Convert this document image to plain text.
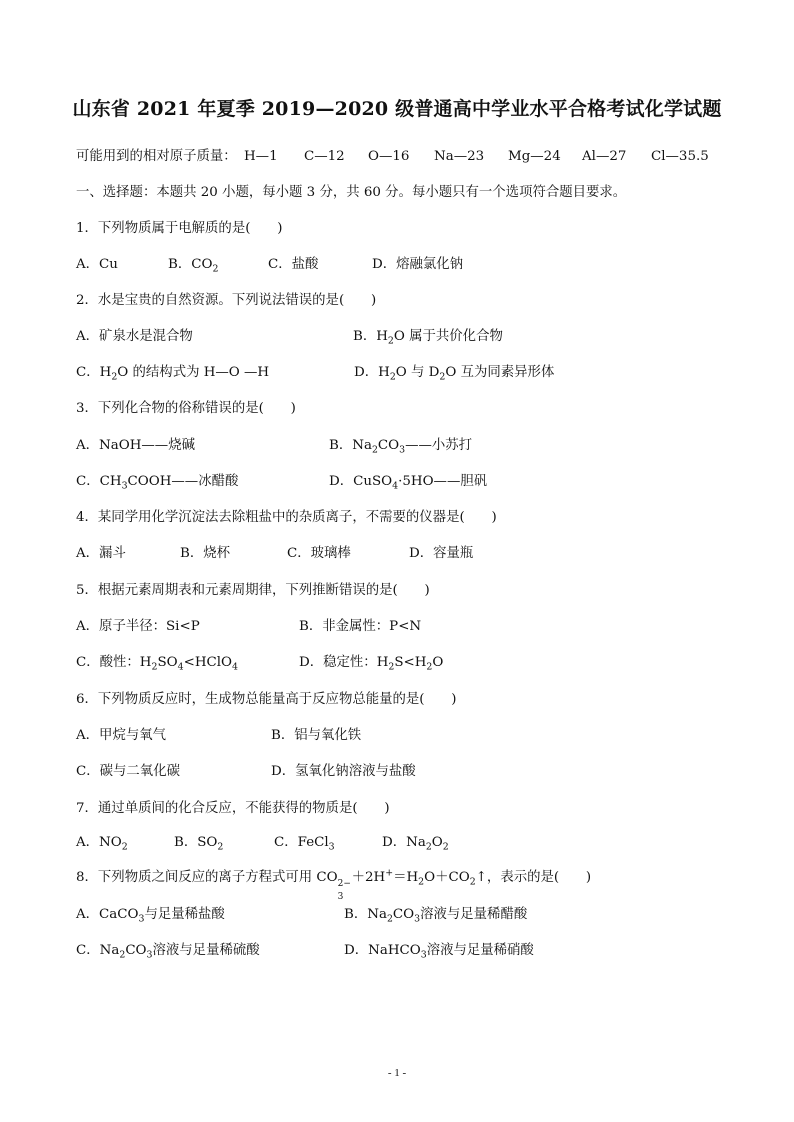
山东省 2021 年夏季 2019—2020 级普通高中学业水平合格考试化学试题
可能用到的相对原子质量： H—1 C—12 O—16 Na—23 Mg—24 Al—27 Cl—35.5
一、选择题：本题共 20 小题，每小题 3 分，共 60 分。每小题只有一个选项符合题目要求。
1．下列物质属于电解质的是(　　)
A．Cu	B．$CO_2$	C．盐酸	D．熔融氯化钠
2．水是宝贵的自然资源。下列说法错误的是(　　)
A．矿泉水是混合物	B．$H_2O$ 属于共价化合物
C．$H_2O$ 的结构式为 H—O —H	D．$H_2O$ 与 $D_2O$ 互为同素异形体
3．下列化合物的俗称错误的是(　　)
A．NaOH——烧碱	B．$Na_2CO_3——$小苏打
C．$CH_3COOH——$冰醋酸	D．CuSO$_4$·5HO——胆矾
4．某同学用化学沉淀法去除粗盐中的杂质离子，不需要的仪器是(　　)
A．漏斗	B．烧杯	C．玻璃棒	D．容量瓶
5．根据元素周期表和元素周期律，下列推断错误的是(　　)
A．原子半径：Si<P	B．非金属性：P<N
C．酸性：$H_2SO_4<HClO_4$	D．稳定性：$H_2S<H_2O$
6．下列物质反应时，生成物总能量高于反应物总能量的是(　　)
A．甲烷与氧气	B．铝与氧化铁
C．碳与二氧化碳	D．氢氧化钠溶液与盐酸
7．通过单质间的化合反应，不能获得的物质是(　　)
A．$NO_2$	B．$SO_2$	C．FeCl$_3$	D．$Na_2O_2$
8．下列物质之间反应的离子方程式可用 CO 2−
3
$+2H^+=H_2O+CO_2↑$，表示的是(　　)
A．CaCO$_3$与足量稀盐酸	B．$Na_2CO_3$溶液与足量稀醋酸
C．$Na_2CO_3$溶液与足量稀硫酸	D．NaHCO$_3$溶液与足量稀硝酸
- 1 -
